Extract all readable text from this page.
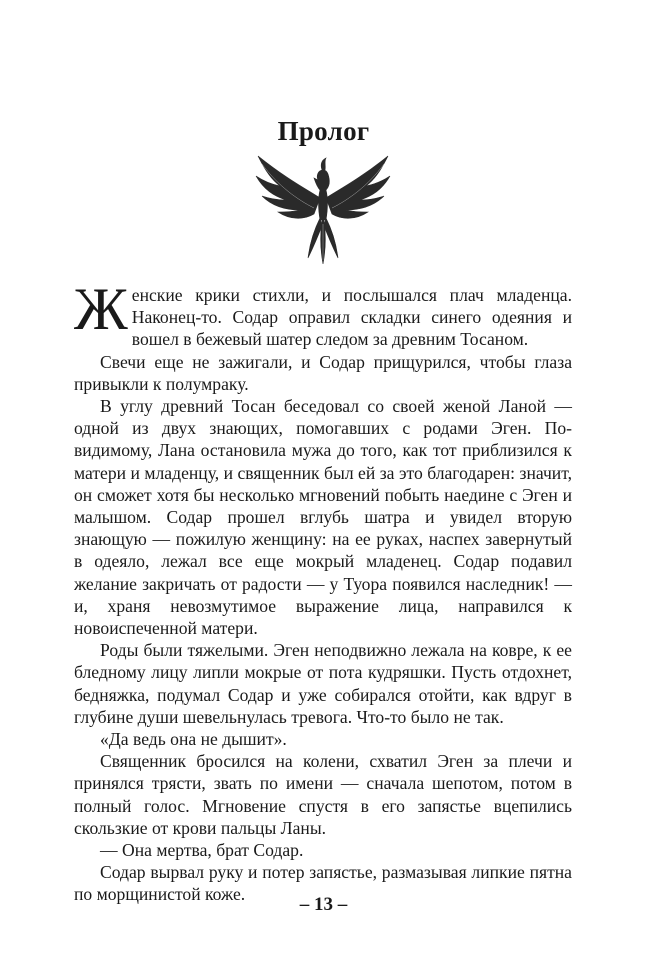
Пролог

Женские крики стихли, и послышался плач младенца. Наконец-то. Содар оправил складки синего одеяния и вошел в бежевый шатер следом за древним Тосаном.

Свечи еще не зажигали, и Содар прищурился, чтобы глаза привыкли к полумраку.

В углу древний Тосан беседовал со своей женой Ланой — одной из двух знающих, помогавших с родами Эген. По-видимому, Лана остановила мужа до того, как тот приблизился к матери и младенцу, и священник был ей за это благодарен: значит, он сможет хотя бы несколько мгновений побыть наедине с Эген и малышом. Содар прошел вглубь шатра и увидел вторую знающую — пожилую женщину: на ее руках, наспех завернутый в одеяло, лежал все еще мокрый младенец. Содар подавил желание закричать от радости — у Туора появился наследник! — и, храня невозмутимое выражение лица, направился к новоиспеченной матери.

Роды были тяжелыми. Эген неподвижно лежала на ковре, к ее бледному лицу липли мокрые от пота кудряшки. Пусть отдохнет, бедняжка, подумал Содар и уже собирался отойти, как вдруг в глубине души шевельнулась тревога. Что-то было не так.

«Да ведь она не дышит».

Священник бросился на колени, схватил Эген за плечи и принялся трясти, звать по имени — сначала шепотом, потом в полный голос. Мгновение спустя в его запястье вцепились скользкие от крови пальцы Ланы.

— Она мертва, брат Содар.

Содар вырвал руку и потер запястье, размазывая липкие пятна по морщинистой коже.	– 13 –
